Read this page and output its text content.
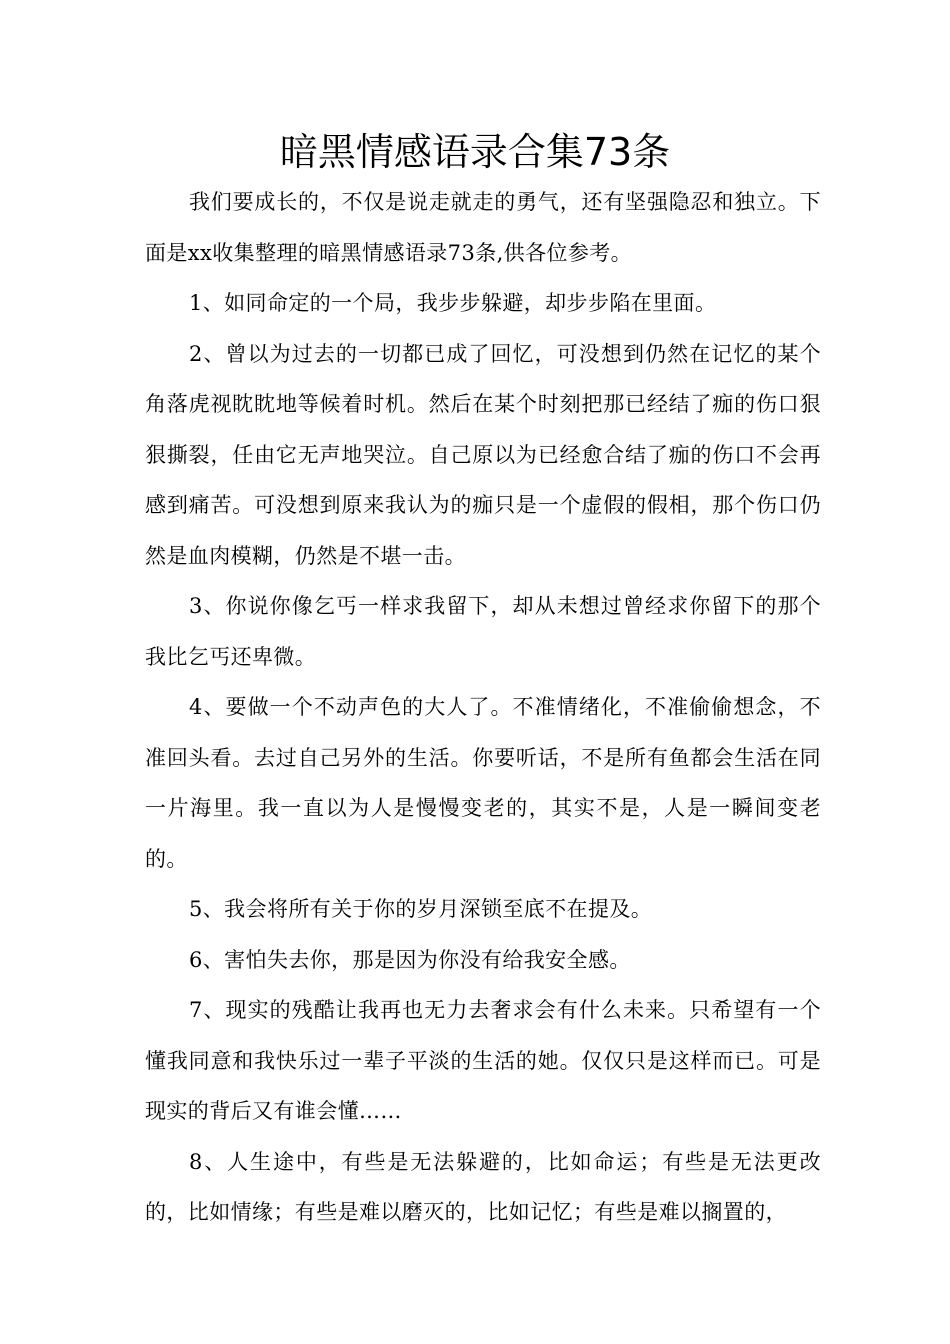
暗黑情感语录合集73条

我们要成长的，不仅是说走就走的勇气，还有坚强隐忍和独立。下面是xx收集整理的暗黑情感语录73条,供各位参考。

1、如同命定的一个局，我步步躲避，却步步陷在里面。

2、曾以为过去的一切都已成了回忆，可没想到仍然在记忆的某个角落虎视眈眈地等候着时机。然后在某个时刻把那已经结了痂的伤口狠狠撕裂，任由它无声地哭泣。自己原以为已经愈合结了痂的伤口不会再感到痛苦。可没想到原来我认为的痂只是一个虚假的假相，那个伤口仍然是血肉模糊，仍然是不堪一击。

3、你说你像乞丐一样求我留下，却从未想过曾经求你留下的那个我比乞丐还卑微。

4、要做一个不动声色的大人了。不准情绪化，不准偷偷想念，不准回头看。去过自己另外的生活。你要听话，不是所有鱼都会生活在同一片海里。我一直以为人是慢慢变老的，其实不是，人是一瞬间变老的。

5、我会将所有关于你的岁月深锁至底不在提及。

6、害怕失去你，那是因为你没有给我安全感。

7、现实的残酷让我再也无力去奢求会有什么未来。只希望有一个懂我同意和我快乐过一辈子平淡的生活的她。仅仅只是这样而已。可是现实的背后又有谁会懂……

8、人生途中，有些是无法躲避的，比如命运；有些是无法更改的，比如情缘；有些是难以磨灭的，比如记忆；有些是难以搁置的，
